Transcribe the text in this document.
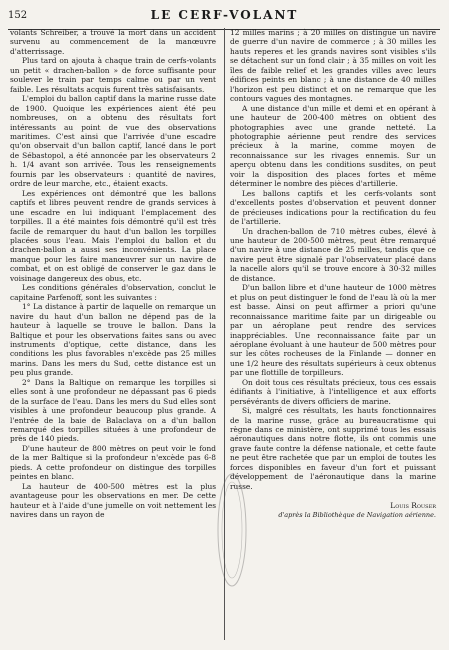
152	LE CERF-VOLANT

volants Schreiber, a trouvé la mort dans un accident survenu au commencement de la manœuvre d'atterrissage.

Plus tard on ajouta à chaque train de cerfs-volants un petit « drachen-ballon » de force suffisante pour soulever le train par temps calme ou par un vent faible. Les résultats acquis furent très satisfaisants.

L'emploi du ballon captif dans la marine russe date de 1900. Quoique les expériences aient été peu nombreuses, on a obtenu des résultats fort intéressants au point de vue des observations maritimes. C'est ainsi que l'arrivée d'une escadre qu'on observait d'un ballon captif, lancé dans le port de Sébastopol, a été annoncée par les observateurs 2 h. 1/4 avant son arrivée. Tous les renseignements fournis par les observateurs : quantité de navires, ordre de leur marche, etc., étaient exacts.

Les expériences ont démontré que les ballons captifs et libres peuvent rendre de grands services à une escadre en lui indiquant l'emplacement des torpilles. Il a été maintes fois démontré qu'il est très facile de remarquer du haut d'un ballon les torpilles placées sous l'eau. Mais l'emploi du ballon et du drachen-ballon a aussi ses inconvénients. La place manque pour les faire manœuvrer sur un navire de combat, et on est obligé de conserver le gaz dans le voisinage dangereux des obus, etc.

Les conditions générales d'observation, conclut le capitaine Parfenoff, sont les suivantes :

1° La distance à partir de laquelle on remarque un navire du haut d'un ballon ne dépend pas de la hauteur à laquelle se trouve le ballon. Dans la Baltique et pour les observations faites sans ou avec instruments d'optique, cette distance, dans les conditions les plus favorables n'excède pas 25 milles marins. Dans les mers du Sud, cette distance est un peu plus grande.

2° Dans la Baltique on remarque les torpilles si elles sont à une profondeur ne dépassant pas 6 pieds de la surface de l'eau. Dans les mers du Sud elles sont visibles à une profondeur beaucoup plus grande. A l'entrée de la baie de Balaclava on a d'un ballon remarqué des torpilles situées à une profondeur de près de 140 pieds.

D'une hauteur de 800 mètres on peut voir le fond de la mer Baltique si la profondeur n'excède pas 6-8 pieds. A cette profondeur on distingue des torpilles peintes en blanc.

La hauteur de 400-500 mètres est la plus avantageuse pour les observations en mer. De cette hauteur et à l'aide d'une jumelle on voit nettement les navires dans un rayon de

12 milles marins ; à 20 milles on distingue un navire de guerre d'un navire de commerce ; à 30 milles les hauts reperes et les grands navires sont visibles s'ils se détachent sur un fond clair ; à 35 milles on voit les îles de faible relief et les grandes villes avec leurs édifices peints en blanc ; à une distance de 40 milles l'horizon est peu distinct et on ne remarque que les contours vagues des montagnes.

A une distance d'un mille et demi et en opérant à une hauteur de 200-400 mètres on obtient des photographies avec une grande netteté. La photographie aérienne peut rendre des services précieux à la marine, comme moyen de reconnaissance sur les rivages ennemis. Sur un aperçu obtenu dans les conditions susdites, on peut voir la disposition des places fortes et même déterminer le nombre des pièces d'artillerie.

Les ballons captifs et les cerfs-volants sont d'excellents postes d'observation et peuvent donner de précieuses indications pour la rectification du feu de l'artillerie.

Un drachen-ballon de 710 mètres cubes, élevé à une hauteur de 200-500 mètres, peut être remarqué d'un navire à une distance de 25 milles, tandis que ce navire peut être signalé par l'observateur placé dans la nacelle alors qu'il se trouve encore à 30-32 milles de distance.

D'un ballon libre et d'une hauteur de 1000 mètres et plus on peut distinguer le fond de l'eau là où la mer est basse. Ainsi on peut affirmer a priori qu'une reconnaissance maritime faite par un dirigeable ou par un aéroplane peut rendre des services inappréciables. Une reconnaissance faite par un aéroplane évoluant à une hauteur de 500 mètres pour sur les côtes rocheuses de la Finlande — donner en une 1/2 heure des résultats supérieurs à ceux obtenus par une flottille de torpilleurs.

On doit tous ces résultats précieux, tous ces essais édifiants à l'initiative, à l'intelligence et aux efforts persévérants de divers officiers de marine.

Si, malgré ces résultats, les hauts fonctionnaires de la marine russe, grâce au bureaucratisme qui règne dans ce ministère, ont supprimé tous les essais aéronautiques dans notre flotte, ils ont commis une grave faute contre la défense nationale, et cette faute ne peut être rachetée que par un emploi de toutes les forces disponibles en faveur d'un fort et puissant développement de l'aéronautique dans la marine russe.

Louis Rouser
d'après la Bibliothèque de Navigation aérienne.
